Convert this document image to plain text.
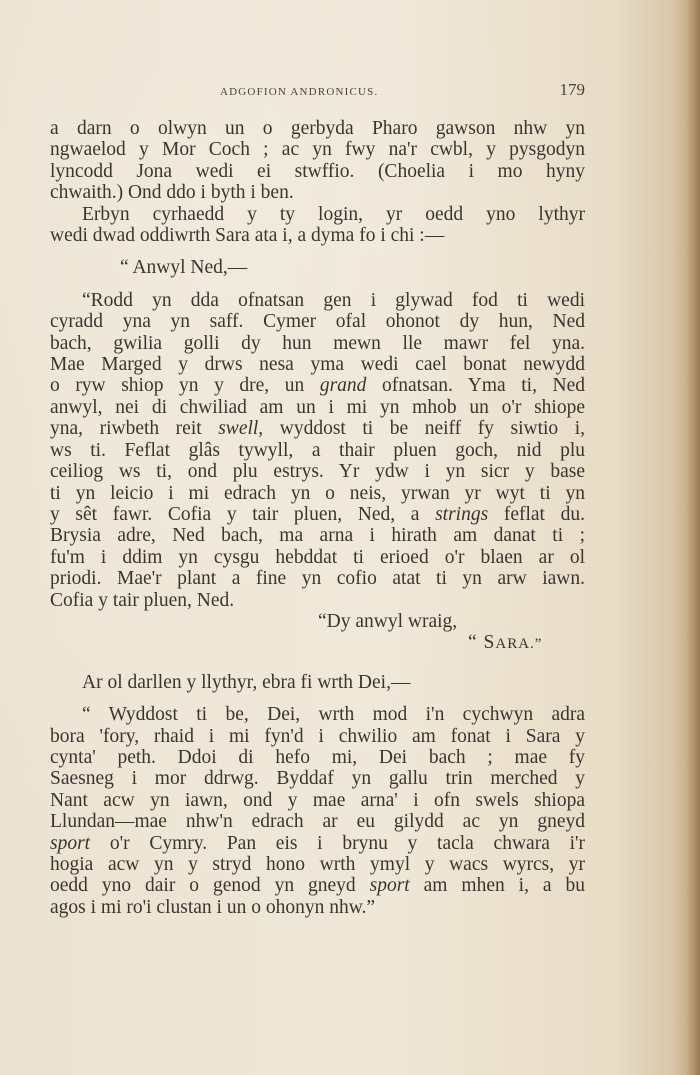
ADGOFION ANDRONICUS.	179
a darn o olwyn un o gerbyda Pharo gawson nhw yn
ngwaelod y Mor Coch ; ac yn fwy na'r cwbl, y pysgodyn
lyncodd Jona wedi ei stwffio. (Choelia i mo hyny
chwaith.) Ond ddo i byth i ben.
Erbyn cyrhaedd y ty login, yr oedd yno lythyr
wedi dwad oddiwrth Sara ata i, a dyma fo i chi :—
“ Anwyl Ned,—
“Rodd yn dda ofnatsan gen i glywad fod ti wedi
cyradd yna yn saff. Cymer ofal ohonot dy hun, Ned
bach, gwilia golli dy hun mewn lle mawr fel yna.
Mae Marged y drws nesa yma wedi cael bonat newydd
o ryw shiop yn y dre, un grand ofnatsan. Yma ti, Ned
anwyl, nei di chwiliad am un i mi yn mhob un o'r shiope
yna, riwbeth reit swell, wyddost ti be neiff fy siwtio i,
ws ti. Feflat glâs tywyll, a thair pluen goch, nid plu
ceiliog ws ti, ond plu estrys. Yr ydw i yn sicr y base
ti yn leicio i mi edrach yn o neis, yrwan yr wyt ti yn
y sêt fawr. Cofia y tair pluen, Ned, a strings feflat du.
Brysia adre, Ned bach, ma arna i hirath am danat ti ;
fu'm i ddim yn cysgu hebddat ti erioed o'r blaen ar ol
priodi. Mae'r plant a fine yn cofio atat ti yn arw iawn.
Cofia y tair pluen, Ned.
“Dy anwyl wraig,
“ SARA.”
Ar ol darllen y llythyr, ebra fi wrth Dei,—
“ Wyddost ti be, Dei, wrth mod i'n cychwyn adra
bora 'fory, rhaid i mi fyn'd i chwilio am fonat i Sara y
cynta' peth. Ddoi di hefo mi, Dei bach ; mae fy
Saesneg i mor ddrwg. Byddaf yn gallu trin merched y
Nant acw yn iawn, ond y mae arna' i ofn swels shiopa
Llundan—mae nhw'n edrach ar eu gilydd ac yn gneyd
sport o'r Cymry. Pan eis i brynu y tacla chwara i'r
hogia acw yn y stryd hono wrth ymyl y wacs wyrcs, yr
oedd yno dair o genod yn gneyd sport am mhen i, a bu
agos i mi ro'i clustan i un o ohonyn nhw.”
